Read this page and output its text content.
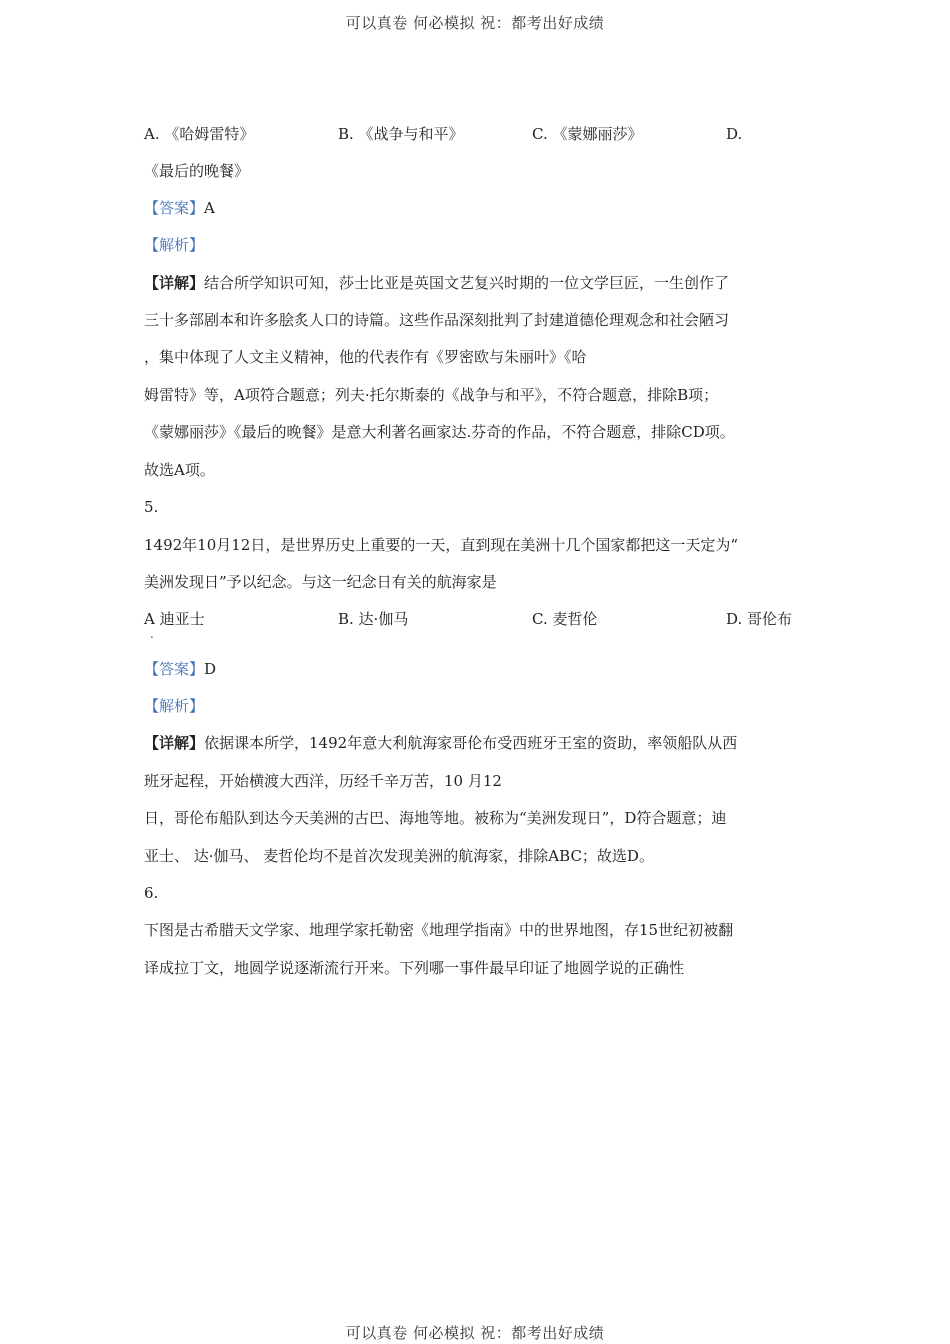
可以真卷 何必模拟 祝：都考出好成绩
A. 《哈姆雷特》	B. 《战争与和平》	C. 《蒙娜丽莎》	D.
《最后的晚餐》
【答案】A
【解析】
【详解】结合所学知识可知，莎士比亚是英国文艺复兴时期的一位文学巨匠，一生创作了
三十多部剧本和许多脍炙人口的诗篇。这些作品深刻批判了封建道德伦理观念和社会陋习
，集中体现了人文主义精神，他的代表作有《罗密欧与朱丽叶》《哈
姆雷特》等，A项符合题意；列夫·托尔斯泰的《战争与和平》，不符合题意，排除B项；
《蒙娜丽莎》《最后的晚餐》是意大利著名画家达.芬奇的作品，不符合题意，排除CD项。
故选A项。
5.
1492年10月12日，是世界历史上重要的一天，直到现在美洲十几个国家都把这一天定为“
美洲发现日”予以纪念。与这一纪念日有关的航海家是
A 迪亚士
.
B. 达·伽马	C. 麦哲伦	D. 哥伦布
【答案】D
【解析】
【详解】依据课本所学，1492年意大利航海家哥伦布受西班牙王室的资助，率领船队从西
班牙起程，开始横渡大西洋，历经千辛万苦，10 月12
日，哥伦布船队到达今天美洲的古巴、海地等地。被称为“美洲发现日”，D符合题意；迪
亚士、 达·伽马、 麦哲伦均不是首次发现美洲的航海家，排除ABC；故选D。
6.
下图是古希腊天文学家、地理学家托勒密《地理学指南》中的世界地图，存15世纪初被翻
译成拉丁文，地圆学说逐渐流行开来。下列哪一事件最早印证了地圆学说的正确性
可以真卷 何必模拟 祝：都考出好成绩
